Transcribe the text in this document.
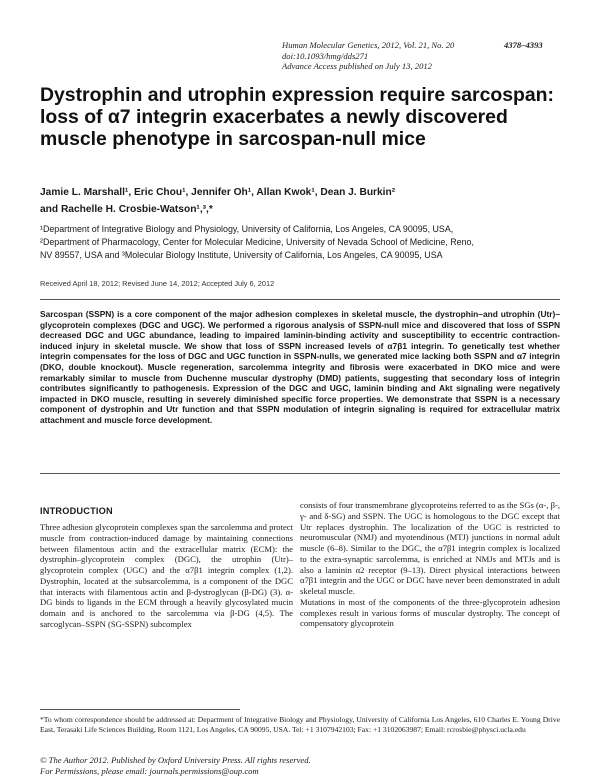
Human Molecular Genetics, 2012, Vol. 21, No. 20	4378–4393
doi:10.1093/hmg/dds271
Advance Access published on July 13, 2012
Dystrophin and utrophin expression require sarcospan: loss of α7 integrin exacerbates a newly discovered muscle phenotype in sarcospan-null mice
Jamie L. Marshall¹, Eric Chou¹, Jennifer Oh¹, Allan Kwok¹, Dean J. Burkin²
and Rachelle H. Crosbie-Watson¹,³,*
¹Department of Integrative Biology and Physiology, University of California, Los Angeles, CA 90095, USA,
²Department of Pharmacology, Center for Molecular Medicine, University of Nevada School of Medicine, Reno,
NV 89557, USA and ³Molecular Biology Institute, University of California, Los Angeles, CA 90095, USA
Received April 18, 2012; Revised June 14, 2012; Accepted July 6, 2012
Sarcospan (SSPN) is a core component of the major adhesion complexes in skeletal muscle, the dystrophin–and utrophin (Utr)–glycoprotein complexes (DGC and UGC). We performed a rigorous analysis of SSPN-null mice and discovered that loss of SSPN decreased DGC and UGC abundance, leading to impaired laminin-binding activity and susceptibility to eccentric contraction-induced injury in skeletal muscle. We show that loss of SSPN increased levels of α7β1 integrin. To genetically test whether integrin compensates for the loss of DGC and UGC function in SSPN-nulls, we generated mice lacking both SSPN and α7 integrin (DKO, double knockout). Muscle regeneration, sarcolemma integrity and fibrosis were exacerbated in DKO mice and were remarkably similar to muscle from Duchenne muscular dystrophy (DMD) patients, suggesting that secondary loss of integrin contributes significantly to pathogenesis. Expression of the DGC and UGC, laminin binding and Akt signaling were negatively impacted in DKO muscle, resulting in severely diminished specific force properties. We demonstrate that SSPN is a necessary component of dystrophin and Utr function and that SSPN modulation of integrin signaling is required for extracellular matrix attachment and muscle force development.
INTRODUCTION
Three adhesion glycoprotein complexes span the sarcolemma and protect muscle from contraction-induced damage by maintaining connections between filamentous actin and the extracellular matrix (ECM): the dystrophin–glycoprotein complex (DGC), the utrophin (Utr)–glycoprotein complex (UGC) and the α7β1 integrin complex (1,2). Dystrophin, located at the subsarcolemma, is a component of the DGC that interacts with filamentous actin and β-dystroglycan (β-DG) (3). α-DG binds to ligands in the ECM through a heavily glycosylated mucin domain and is anchored to the sarcolemma via β-DG (4,5). The sarcoglycan–SSPN (SG-SSPN) subcomplex
consists of four transmembrane glycoproteins referred to as the SGs (α-, β-, γ- and δ-SG) and SSPN. The UGC is homologous to the DGC except that Utr replaces dystrophin. The localization of the UGC is restricted to neuromuscular (NMJ) and myotendinous (MTJ) junctions in normal adult muscle (6–8). Similar to the DGC, the α7β1 integrin complex is localized to the extra-synaptic sarcolemma, is enriched at NMJs and MTJs and is also a laminin α2 receptor (9–13). Direct physical interactions between α7β1 integrin and the UGC or DGC have never been demonstrated in adult skeletal muscle.
Mutations in most of the components of the three-glycoprotein adhesion complexes result in various forms of muscular dystrophy. The concept of compensatory glycoprotein
*To whom correspondence should be addressed at: Department of Integrative Biology and Physiology, University of California Los Angeles, 610 Charles E. Young Drive East, Terasaki Life Sciences Building, Room 1121, Los Angeles, CA 90095, USA. Tel: +1 3107942103; Fax: +1 3102063987; Email: rcrosbie@physci.ucla.edu
© The Author 2012. Published by Oxford University Press. All rights reserved.
For Permissions, please email: journals.permissions@oup.com
